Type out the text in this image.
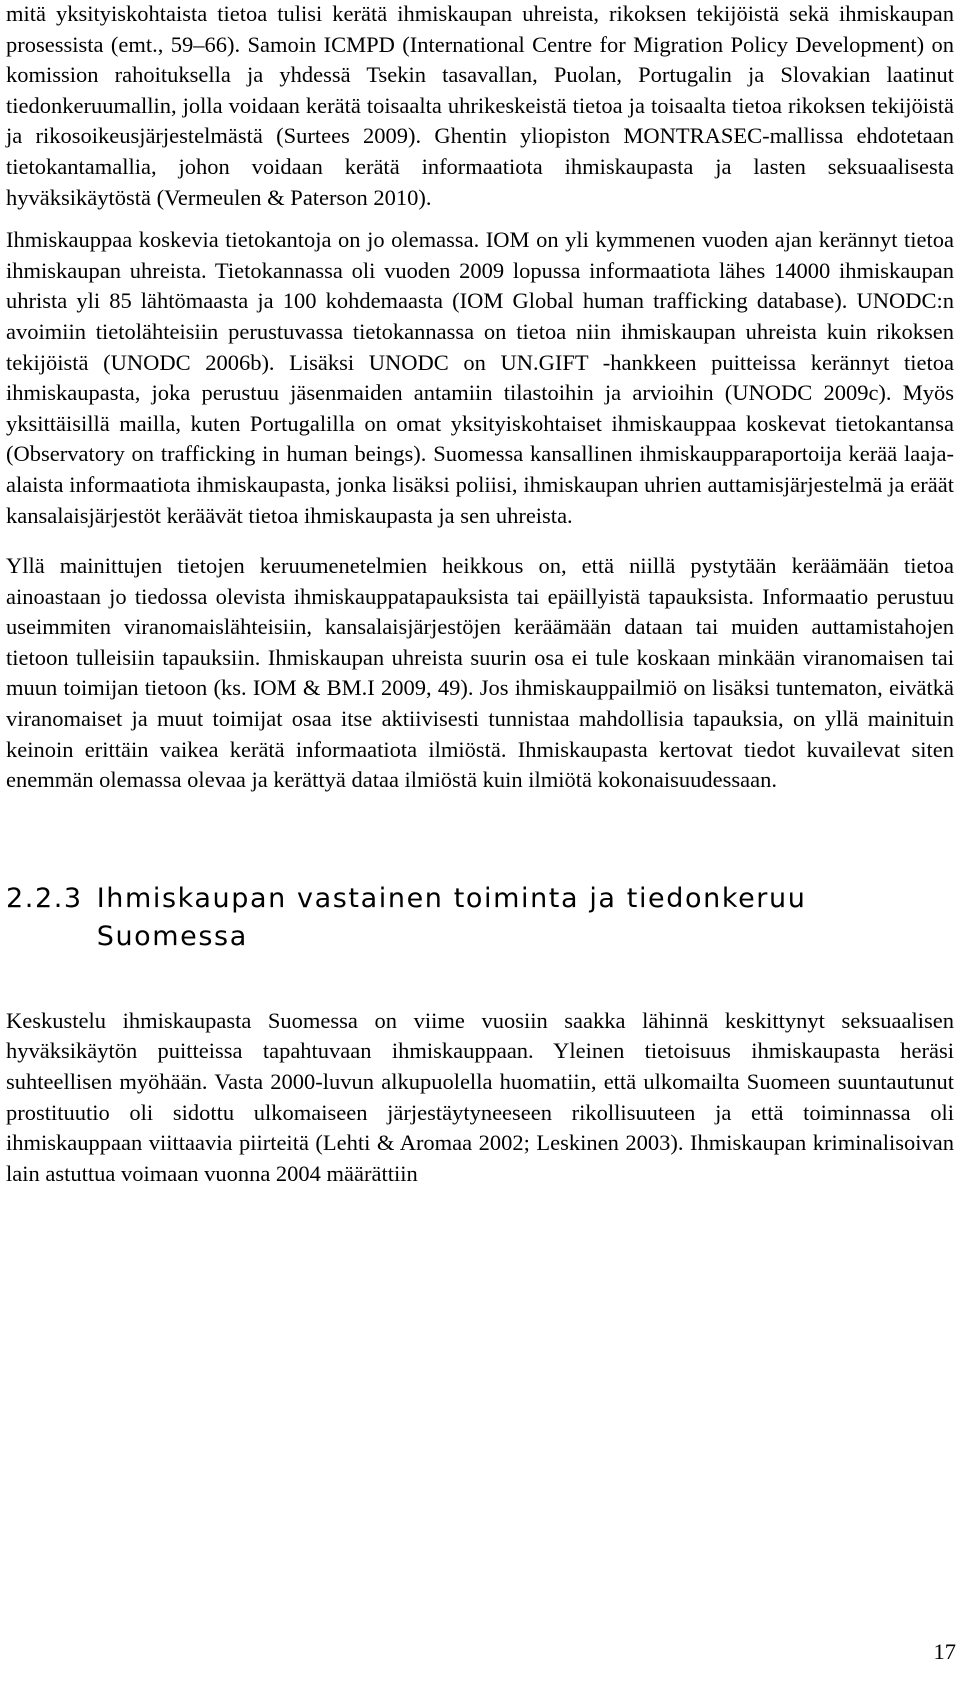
mitä yksityiskohtaista tietoa tulisi kerätä ihmiskaupan uhreista, rikoksen tekijöistä sekä ihmiskaupan prosessista (emt., 59–66). Samoin ICMPD (International Centre for Migration Policy Development) on komission rahoituksella ja yhdessä Tsekin tasavallan, Puolan, Portugalin ja Slovakian laatinut tiedonkeruumallin, jolla voidaan kerätä toisaalta uhrikeskeistä tietoa ja toisaalta tietoa rikoksen tekijöistä ja rikosoikeusjärjestelmästä (Surtees 2009). Ghentin yliopiston MONTRASEC-mallissa ehdotetaan tietokantamallia, johon voidaan kerätä informaatiota ihmiskaupasta ja lasten seksuaalisesta hyväksikäytöstä (Vermeulen & Paterson 2010).

Ihmiskauppaa koskevia tietokantoja on jo olemassa. IOM on yli kymmenen vuoden ajan kerännyt tietoa ihmiskaupan uhreista. Tietokannassa oli vuoden 2009 lopussa informaatiota lähes 14000 ihmiskaupan uhrista yli 85 lähtömaasta ja 100 kohdemaasta (IOM Global human trafficking database). UNODC:n avoimiin tietolähteisiin perustuvassa tietokannassa on tietoa niin ihmiskaupan uhreista kuin rikoksen tekijöistä (UNODC 2006b). Lisäksi UNODC on UN.GIFT -hankkeen puitteissa kerännyt tietoa ihmiskaupasta, joka perustuu jäsenmaiden antamiin tilastoihin ja arvioihin (UNODC 2009c). Myös yksittäisillä mailla, kuten Portugalilla on omat yksityiskohtaiset ihmiskauppaa koskevat tietokantansa (Observatory on trafficking in human beings). Suomessa kansallinen ihmiskaupparaportoija kerää laaja-alaista informaatiota ihmiskaupasta, jonka lisäksi poliisi, ihmiskaupan uhrien auttamisjärjestelmä ja eräät kansalaisjärjestöt keräävät tietoa ihmiskaupasta ja sen uhreista.

Yllä mainittujen tietojen keruumenetelmien heikkous on, että niillä pystytään keräämään tietoa ainoastaan jo tiedossa olevista ihmiskauppatapauksista tai epäillyistä tapauksista. Informaatio perustuu useimmiten viranomaislähteisiin, kansalaisjärjestöjen keräämään dataan tai muiden auttamistahojen tietoon tulleisiin tapauksiin. Ihmiskaupan uhreista suurin osa ei tule koskaan minkään viranomaisen tai muun toimijan tietoon (ks. IOM & BM.I 2009, 49). Jos ihmiskauppailmiö on lisäksi tuntematon, eivätkä viranomaiset ja muut toimijat osaa itse aktiivisesti tunnistaa mahdollisia tapauksia, on yllä mainituin keinoin erittäin vaikea kerätä informaatiota ilmiöstä. Ihmiskaupasta kertovat tiedot kuvailevat siten enemmän olemassa olevaa ja kerättyä dataa ilmiöstä kuin ilmiötä kokonaisuudessaan.

2.2.3 Ihmiskaupan vastainen toiminta ja tiedonkeruu Suomessa

Keskustelu ihmiskaupasta Suomessa on viime vuosiin saakka lähinnä keskittynyt seksuaalisen hyväksikäytön puitteissa tapahtuvaan ihmiskauppaan. Yleinen tietoisuus ihmiskaupasta heräsi suhteellisen myöhään. Vasta 2000-luvun alkupuolella huomatiin, että ulkomailta Suomeen suuntautunut prostituutio oli sidottu ulkomaiseen järjestäytyneeseen rikollisuuteen ja että toiminnassa oli ihmiskauppaan viittaavia piirteitä (Lehti & Aromaa 2002; Leskinen 2003). Ihmiskaupan kriminalisoivan lain astuttua voimaan vuonna 2004 määrättiin

17
